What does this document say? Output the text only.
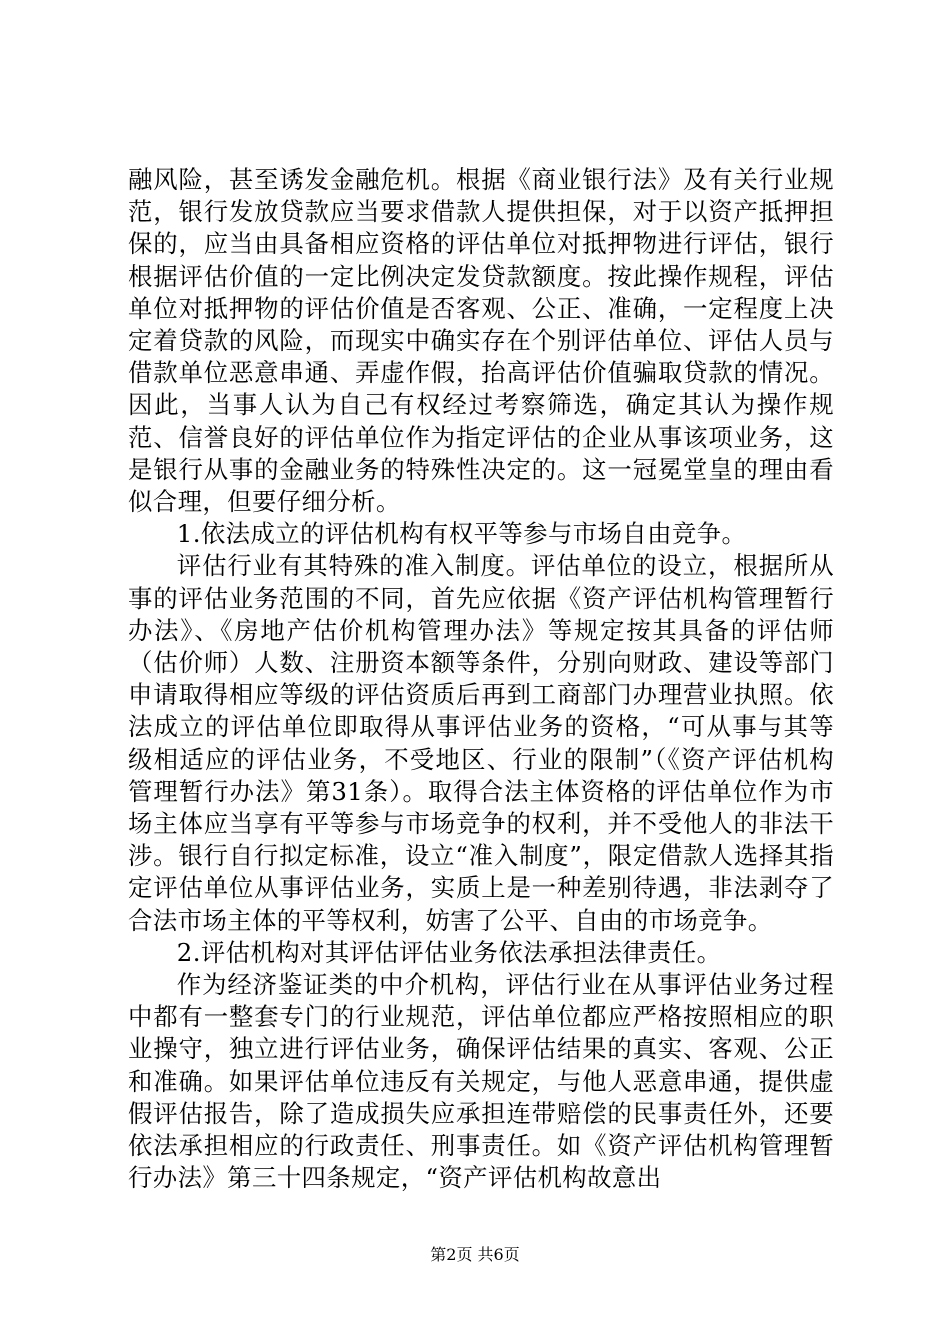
融风险，甚至诱发金融危机。根据《商业银行法》及有关行业规范，银行发放贷款应当要求借款人提供担保，对于以资产抵押担保的，应当由具备相应资格的评估单位对抵押物进行评估，银行根据评估价值的一定比例决定发贷款额度。按此操作规程，评估单位对抵押物的评估价值是否客观、公正、准确，一定程度上决定着贷款的风险，而现实中确实存在个别评估单位、评估人员与借款单位恶意串通、弄虚作假，抬高评估价值骗取贷款的情况。因此，当事人认为自己有权经过考察筛选，确定其认为操作规范、信誉良好的评估单位作为指定评估的企业从事该项业务，这是银行从事的金融业务的特殊性决定的。这一冠冕堂皇的理由看似合理，但要仔细分析。

1.依法成立的评估机构有权平等参与市场自由竞争。

评估行业有其特殊的准入制度。评估单位的设立，根据所从事的评估业务范围的不同，首先应依据《资产评估机构管理暂行办法》、《房地产估价机构管理办法》等规定按其具备的评估师（估价师）人数、注册资本额等条件，分别向财政、建设等部门申请取得相应等级的评估资质后再到工商部门办理营业执照。依法成立的评估单位即取得从事评估业务的资格，“可从事与其等级相适应的评估业务，不受地区、行业的限制”（《资产评估机构管理暂行办法》第31条）。取得合法主体资格的评估单位作为市场主体应当享有平等参与市场竞争的权利，并不受他人的非法干涉。银行自行拟定标准，设立“准入制度”，限定借款人选择其指定评估单位从事评估业务，实质上是一种差别待遇，非法剥夺了合法市场主体的平等权利，妨害了公平、自由的市场竞争。

2.评估机构对其评估评估业务依法承担法律责任。

作为经济鉴证类的中介机构，评估行业在从事评估业务过程中都有一整套专门的行业规范，评估单位都应严格按照相应的职业操守，独立进行评估业务，确保评估结果的真实、客观、公正和准确。如果评估单位违反有关规定，与他人恶意串通，提供虚假评估报告，除了造成损失应承担连带赔偿的民事责任外，还要依法承担相应的行政责任、刑事责任。如《资产评估机构管理暂行办法》第三十四条规定，“资产评估机构故意出

第2页 共6页
